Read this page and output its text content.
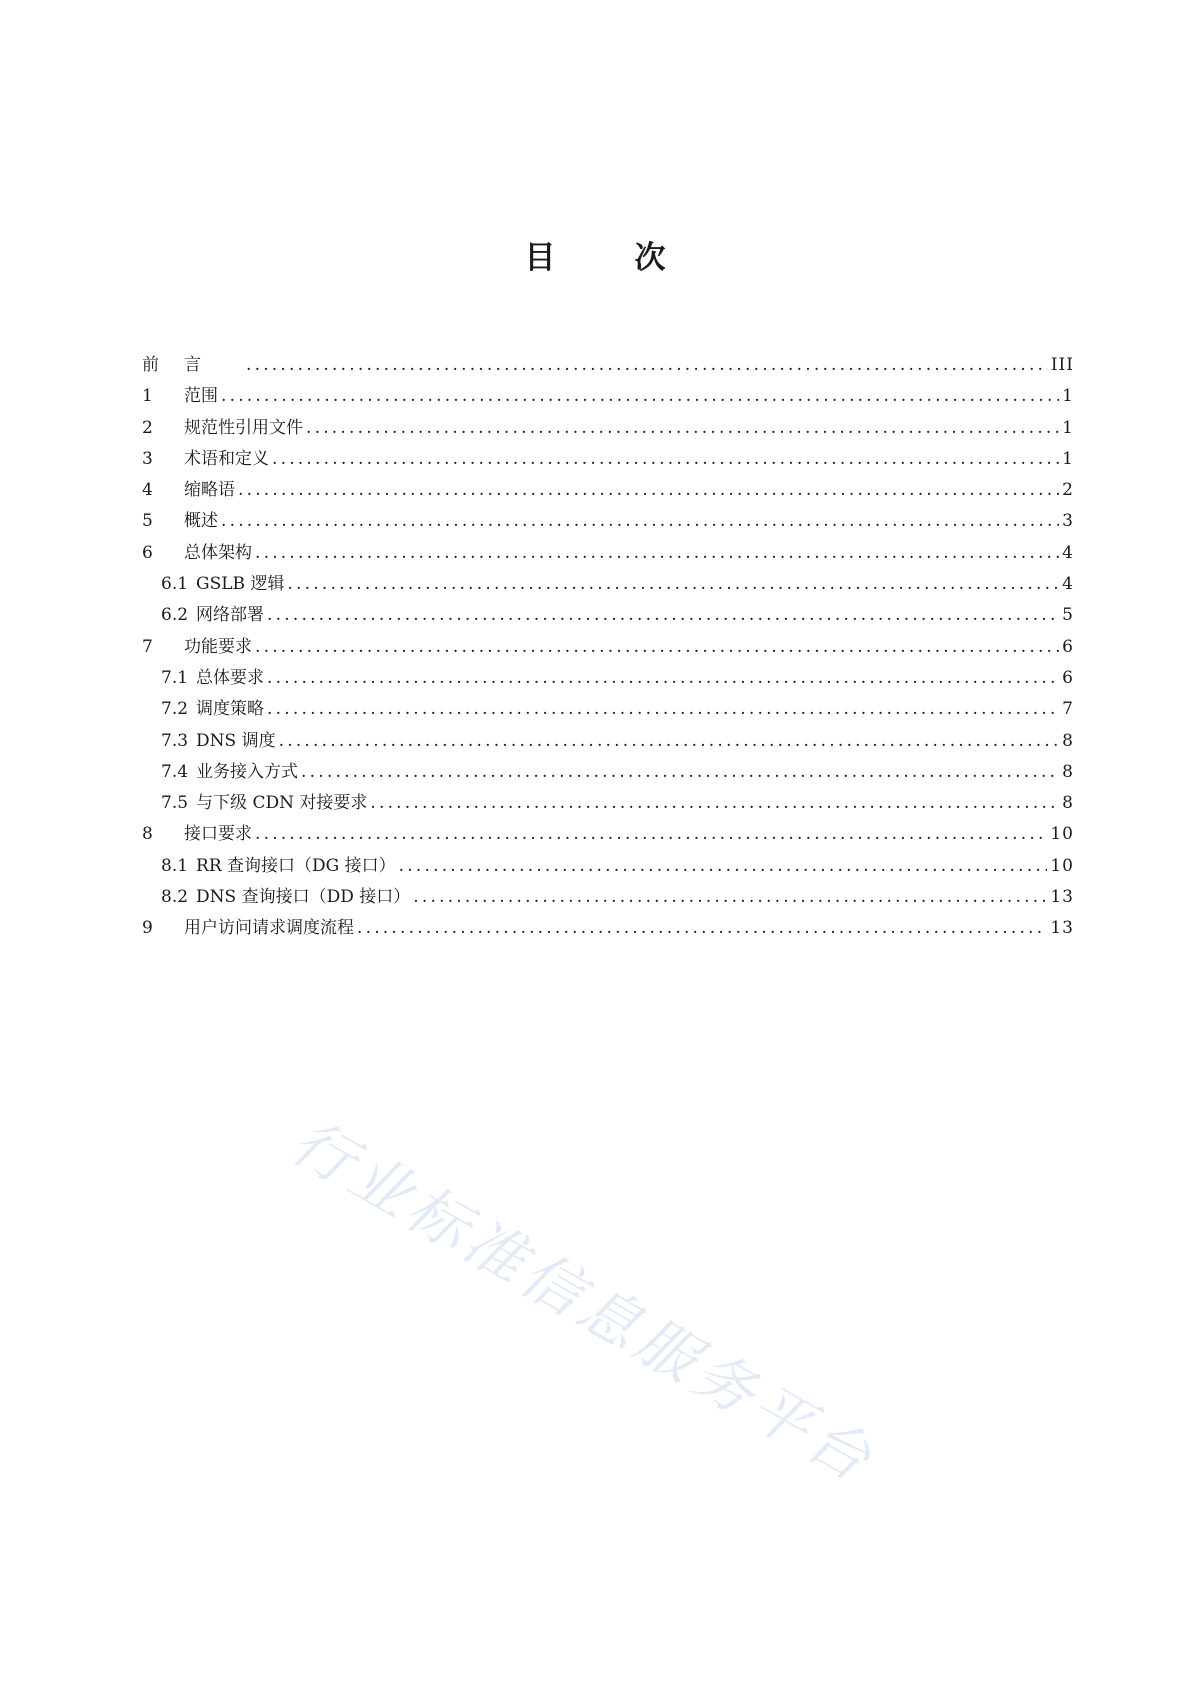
目　次
前	言 .....	III
1	范围 .....	1
2	规范性引用文件 .....	1
3	术语和定义 .....	1
4	缩略语 .....	2
5	概述 .....	3
6	总体架构 .....	4
6.1 GSLB 逻辑 .....	4
6.2 网络部署 .....	5
7	功能要求 .....	6
7.1 总体要求 .....	6
7.2 调度策略 .....	7
7.3 DNS 调度 .....	8
7.4 业务接入方式 .....	8
7.5 与下级 CDN 对接要求 .....	8
8	接口要求 .....	10
8.1 RR 查询接口（DG 接口） .....	10
8.2 DNS 查询接口（DD 接口） .....	13
9	用户访问请求调度流程 .....	13
行业标准信息服务平台
